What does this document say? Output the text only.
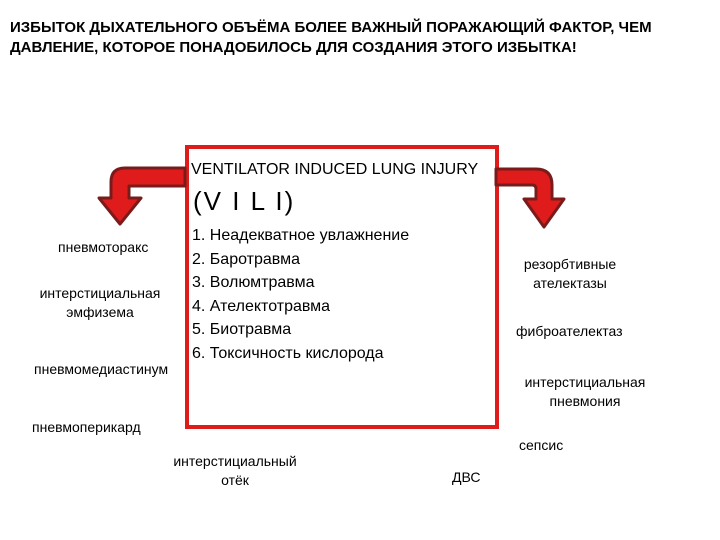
ИЗБЫТОК ДЫХАТЕЛЬНОГО ОБЪЁМА БОЛЕЕ ВАЖНЫЙ ПОРАЖАЮЩИЙ ФАКТОР, ЧЕМ ДАВЛЕНИЕ, КОТОРОЕ ПОНАДОБИЛОСЬ ДЛЯ СОЗДАНИЯ ЭТОГО ИЗБЫТКА!
VENTILATOR INDUCED LUNG INJURY
(V I L I)
1. Неадекватное увлажнение
2. Баротравма
3. Волюмтравма
4. Ателектотравма
5. Биотравма
6. Токсичность кислорода
пневмоторакс
интерстициальная эмфизема
пневмомедиастинум
пневмоперикард
интерстициальный отёк	ДВС
резорбтивные ателектазы
фиброателектаз
интерстициальная пневмония
сепсис
